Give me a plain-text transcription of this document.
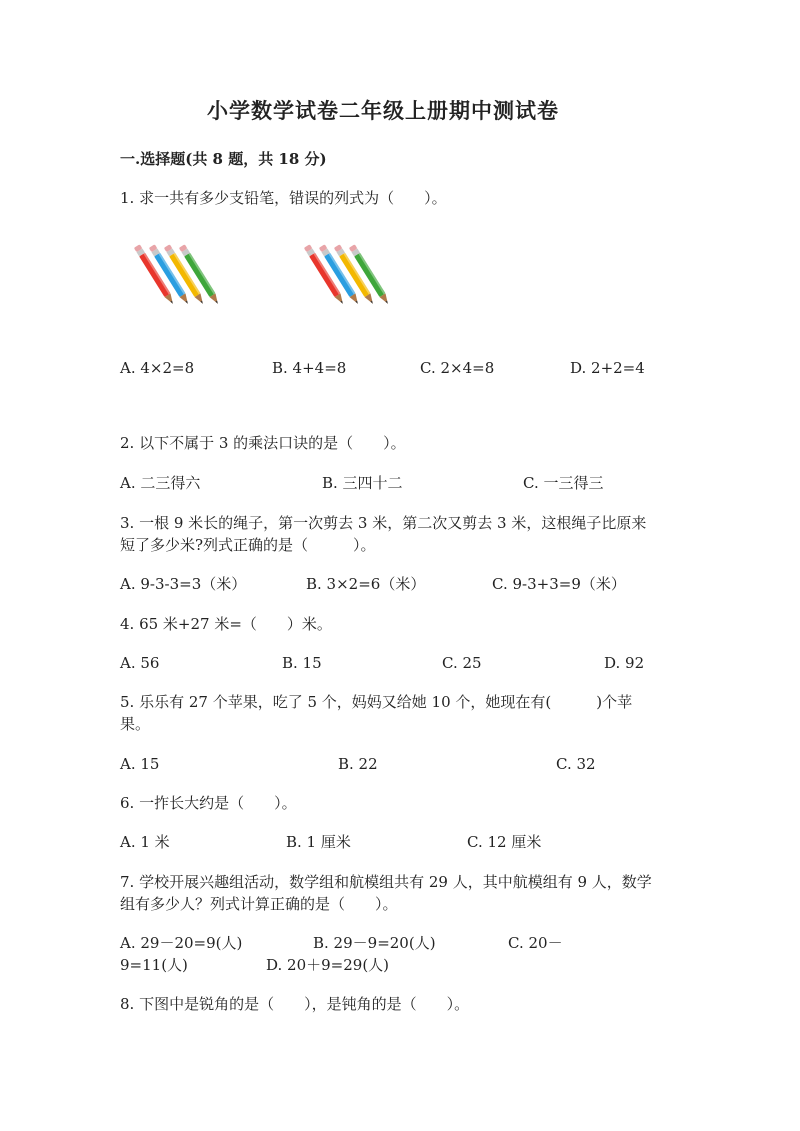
小学数学试卷二年级上册期中测试卷
一.选择题(共 8 题，共 18 分)
1. 求一共有多少支铅笔，错误的列式为（　　）。
A. 4×2=8	B. 4+4=8	C. 2×4=8	D. 2+2=4
2. 以下不属于 3 的乘法口诀的是（　　）。
A. 二三得六	B. 三四十二	C. 一三得三
3. 一根 9 米长的绳子，第一次剪去 3 米，第二次又剪去 3 米，这根绳子比原来
短了多少米?列式正确的是（　　　）。
A. 9-3-3=3（米）	B. 3×2=6（米）	C. 9-3+3=9（米）
4. 65 米+27 米=（　　）米。
A. 56	B. 15	C. 25	D. 92
5. 乐乐有 27 个苹果，吃了 5 个，妈妈又给她 10 个，她现在有(　　　)个苹
果。
A. 15	B. 22	C. 32
6. 一拃长大约是（　　）。
A. 1 米	B. 1 厘米	C. 12 厘米
7. 学校开展兴趣组活动，数学组和航模组共有 29 人，其中航模组有 9 人，数学
组有多少人？列式计算正确的是（　　）。
A. 29－20=9(人)	B. 29－9=20(人)	C. 20－
9=11(人)	D. 20＋9=29(人)
8. 下图中是锐角的是（　　），是钝角的是（　　）。
